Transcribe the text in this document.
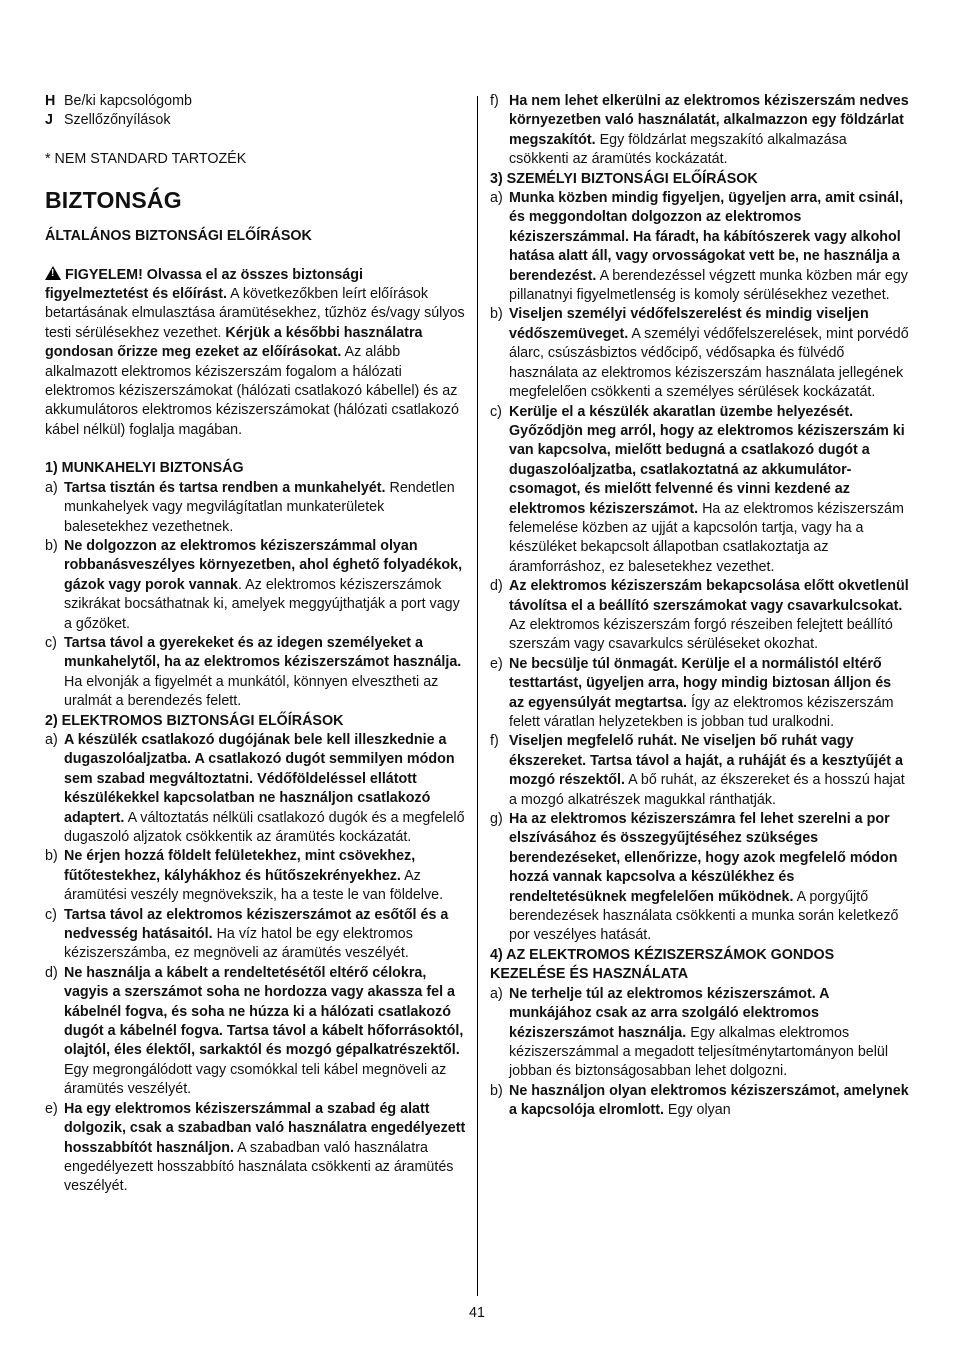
H Be/ki kapcsológomb
J Szellőzőnyílások

* NEM STANDARD TARTOZÉK

BIZTONSÁG

ÁLTALÁNOS BIZTONSÁGI ELŐÍRÁSOK

!FIGYELEM! Olvassa el az összes biztonsági figyelmeztetést és előírást. A következőkben leírt előírások betartásának elmulasztása áramütésekhez, tűzhöz és/vagy súlyos testi sérülésekhez vezethet. Kérjük a későbbi használatra gondosan őrizze meg ezeket az előírásokat. Az alább alkalmazott elektromos kéziszerszám fogalom a hálózati elektromos kéziszerszámokat (hálózati csatlakozó kábellel) és az akkumulátoros elektromos kéziszerszámokat (hálózati csatlakozó kábel nélkül) foglalja magában.

1) MUNKAHELYI BIZTONSÁG

a) Tartsa tisztán és tartsa rendben a munkahelyét. Rendetlen munkahelyek vagy megvilágítatlan munkaterületek balesetekhez vezethetnek.
b) Ne dolgozzon az elektromos kéziszerszámmal olyan robbanásveszélyes környezetben, ahol éghető folyadékok, gázok vagy porok vannak. Az elektromos kéziszerszámok szikrákat bocsáthatnak ki, amelyek meggyújthatják a port vagy a gőzöket.
c) Tartsa távol a gyerekeket és az idegen személyeket a munkahelytől, ha az elektromos kéziszerszámot használja. Ha elvonják a figyelmét a munkától, könnyen elvesztheti az uralmát a berendezés felett.

2) ELEKTROMOS BIZTONSÁGI ELŐÍRÁSOK

a) A készülék csatlakozó dugójának bele kell illeszkednie a dugaszolóaljzatba. A csatlakozó dugót semmilyen módon sem szabad megváltoztatni. Védőföldeléssel ellátott készülékekkel kapcsolatban ne használjon csatlakozó adaptert. A változtatás nélküli csatlakozó dugók és a megfelelő dugaszoló aljzatok csökkentik az áramütés kockázatát.
b) Ne érjen hozzá földelt felületekhez, mint csövekhez, fűtőtestekhez, kályhákhoz és hűtőszekrényekhez. Az áramütési veszély megnövekszik, ha a teste le van földelve.
c) Tartsa távol az elektromos kéziszerszámot az esőtől és a nedvesség hatásaitól. Ha víz hatol be egy elektromos kéziszerszámba, ez megnöveli az áramütés veszélyét.
d) Ne használja a kábelt a rendeltetésétől eltérő célokra, vagyis a szerszámot soha ne hordozza vagy akassza fel a kábelnél fogva, és soha ne húzza ki a hálózati csatlakozó dugót a kábelnél fogva. Tartsa távol a kábelt hőforrásoktól, olajtól, éles élektől, sarkaktól és mozgó gépalkatrészektől. Egy megrongálódott vagy csomókkal teli kábel megnöveli az áramütés veszélyét.
e) Ha egy elektromos kéziszerszámmal a szabad ég alatt dolgozik, csak a szabadban való használatra engedélyezett hosszabbítót használjon. A szabadban való használatra engedélyezett hosszabbító használata csökkenti az áramütés veszélyét.
f) Ha nem lehet elkerülni az elektromos kéziszerszám nedves környezetben való használatát, alkalmazzon egy földzárlat megszakítót. Egy földzárlat megszakító alkalmazása csökkenti az áramütés kockázatát.

3) SZEMÉLYI BIZTONSÁGI ELŐÍRÁSOK

a) Munka közben mindig figyeljen, ügyeljen arra, amit csinál, és meggondoltan dolgozzon az elektromos kéziszerszámmal. Ha fáradt, ha kábítószerek vagy alkohol hatása alatt áll, vagy orvosságokat vett be, ne használja a berendezést. A berendezéssel végzett munka közben már egy pillanatnyi figyelmetlenség is komoly sérülésekhez vezethet.
b) Viseljen személyi védőfelszerelést és mindig viseljen védőszemüveget. A személyi védőfelszerelések, mint porvédő álarc, csúszásbiztos védőcipő, védősapka és fülvédő használata az elektromos kéziszerszám használata jellegének megfelelően csökkenti a személyes sérülések kockázatát.
c) Kerülje el a készülék akaratlan üzembe helyezését. Győződjön meg arról, hogy az elektromos kéziszerszám ki van kapcsolva, mielőtt bedugná a csatlakozó dugót a dugaszolóaljzatba, csatlakoztatná az akkumulátor-csomagot, és mielőtt felvenné és vinni kezdené az elektromos kéziszerszámot. Ha az elektromos kéziszerszám felemelése közben az ujját a kapcsolón tartja, vagy ha a készüléket bekapcsolt állapotban csatlakoztatja az áramforráshoz, ez balesetekhez vezethet.
d) Az elektromos kéziszerszám bekapcsolása előtt okvetlenül távolítsa el a beállító szerszámokat vagy csavarkulcsokat. Az elektromos kéziszerszám forgó részeiben felejtett beállító szerszám vagy csavarkulcs sérüléseket okozhat.
e) Ne becsülje túl önmagát. Kerülje el a normálistól eltérő testtartást, ügyeljen arra, hogy mindig biztosan álljon és az egyensúlyát megtartsa. Így az elektromos kéziszerszám felett váratlan helyzetekben is jobban tud uralkodni.
f) Viseljen megfelelő ruhát. Ne viseljen bő ruhát vagy ékszereket. Tartsa távol a haját, a ruháját és a kesztyűjét a mozgó részektől. A bő ruhát, az ékszereket és a hosszú hajat a mozgó alkatrészek magukkal ránthatják.
g) Ha az elektromos kéziszerszámra fel lehet szerelni a por elszívásához és összegyűjtéséhez szükséges berendezéseket, ellenőrizze, hogy azok megfelelő módon hozzá vannak kapcsolva a készülékhez és rendeltetésüknek megfelelően működnek. A porgyűjtő berendezések használata csökkenti a munka során keletkező por veszélyes hatását.
4) AZ ELEKTROMOS KÉZISZERSZÁMOK GONDOS KEZELÉSE ÉS HASZNÁLATA
a) Ne terhelje túl az elektromos kéziszerszámot. A munkájához csak az arra szolgáló elektromos kéziszerszámot használja. Egy alkalmas elektromos kéziszerszámmal a megadott teljesítménytartományon belül jobban és biztonságosabban lehet dolgozni.
b) Ne használjon olyan elektromos kéziszerszámot, amelynek a kapcsolója elromlott. Egy olyan
41
